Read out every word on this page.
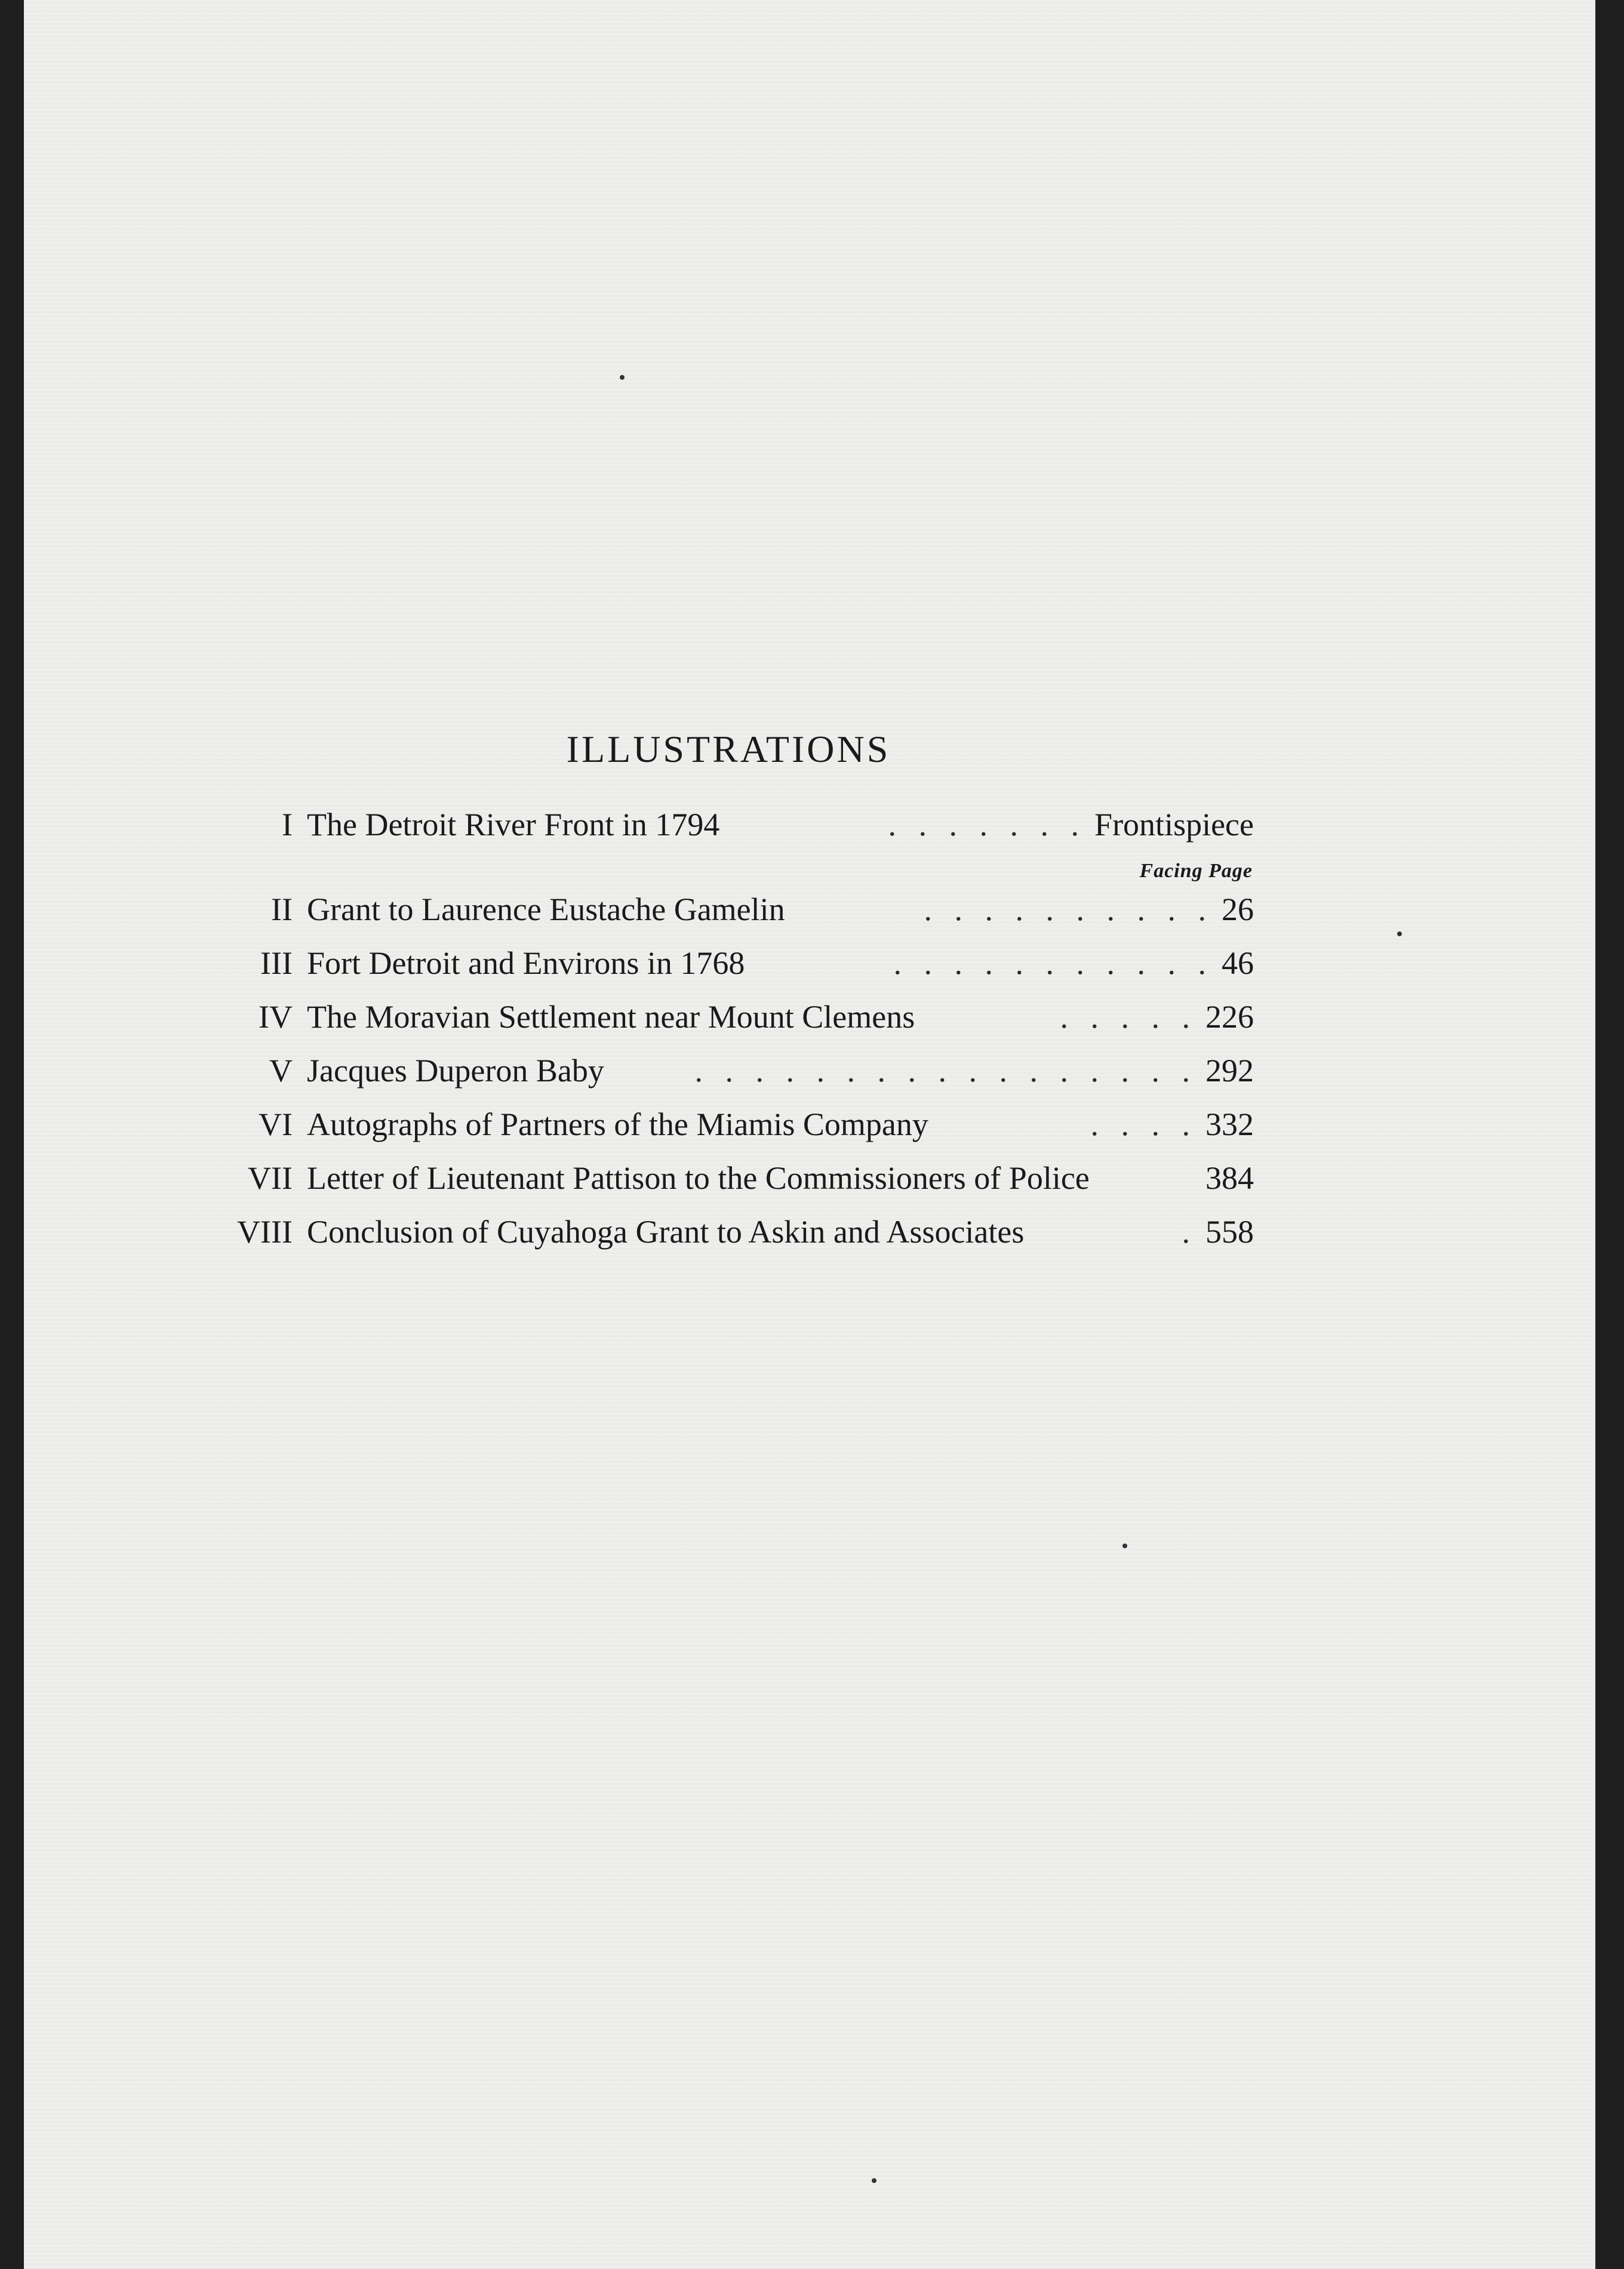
ILLUSTRATIONS
I The Detroit River Front in 1794	. . . . . . . Frontispiece
Facing Page
II Grant to Laurence Eustache Gamelin	. . . . . . . . . . 26
III Fort Detroit and Environs in 1768	. . . . . . . . . . . 46
IV The Moravian Settlement near Mount Clemens	. . . . . 226
V Jacques Duperon Baby	. . . . . . . . . . . . . . . . . 292
VI Autographs of Partners of the Miamis Company	. . . . 332
VII Letter of Lieutenant Pattison to the Commissioners of Police	384
VIII Conclusion of Cuyahoga Grant to Askin and Associates	. 558
